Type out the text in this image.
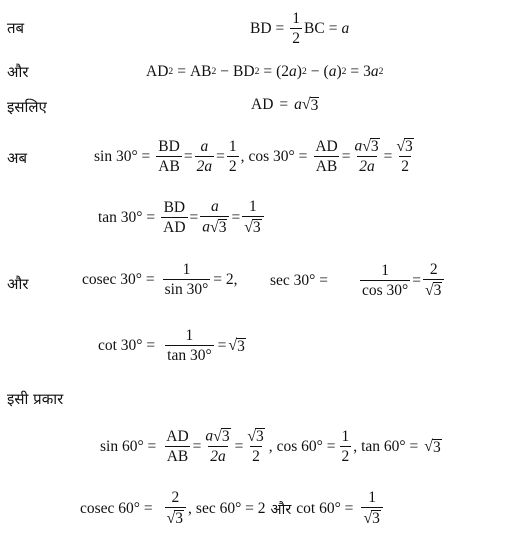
तब	BD = $\frac{1}{2}$ BC = a
और	AD 2 = AB 2 − BD 2 = (2 a ) 2 − ( a ) 2 = 3 a 2
इसलिए	AD = a √ 3
अब	$\sin 30^\circ = \frac{BD}{AB} = \frac{a}{2a} = \frac{1}{2}$ , $\cos 30^\circ = \frac{AD}{AB} = \frac{a √ 3}{2a} = \frac{√ 3}{2}$
$\tan 30^\circ = \frac{BD}{AD} = \frac{a}{a √ 3} = \frac{1}{√ 3}$
और	cosec $30^\circ = \frac{1}{\sin 30^\circ} = 2$, $\sec 30^\circ = \frac{1}{\cos 30^\circ} = \frac{2}{√ 3}$
$\cot 30^\circ = \frac{1}{\tan 30^\circ}$ = √ 3
इसी प्रकार
$\sin 60^\circ = \frac{AD}{AB} = \frac{a √ 3}{2a} = \frac{√ 3}{2}$ , $\cos 60^\circ = \frac{1}{2}$ , tan 60° = √ 3
cosec $60^\circ = \frac{2}{√ 3}$ , sec 60° = 2 और $\cot 60^\circ = \frac{1}{√ 3}$
